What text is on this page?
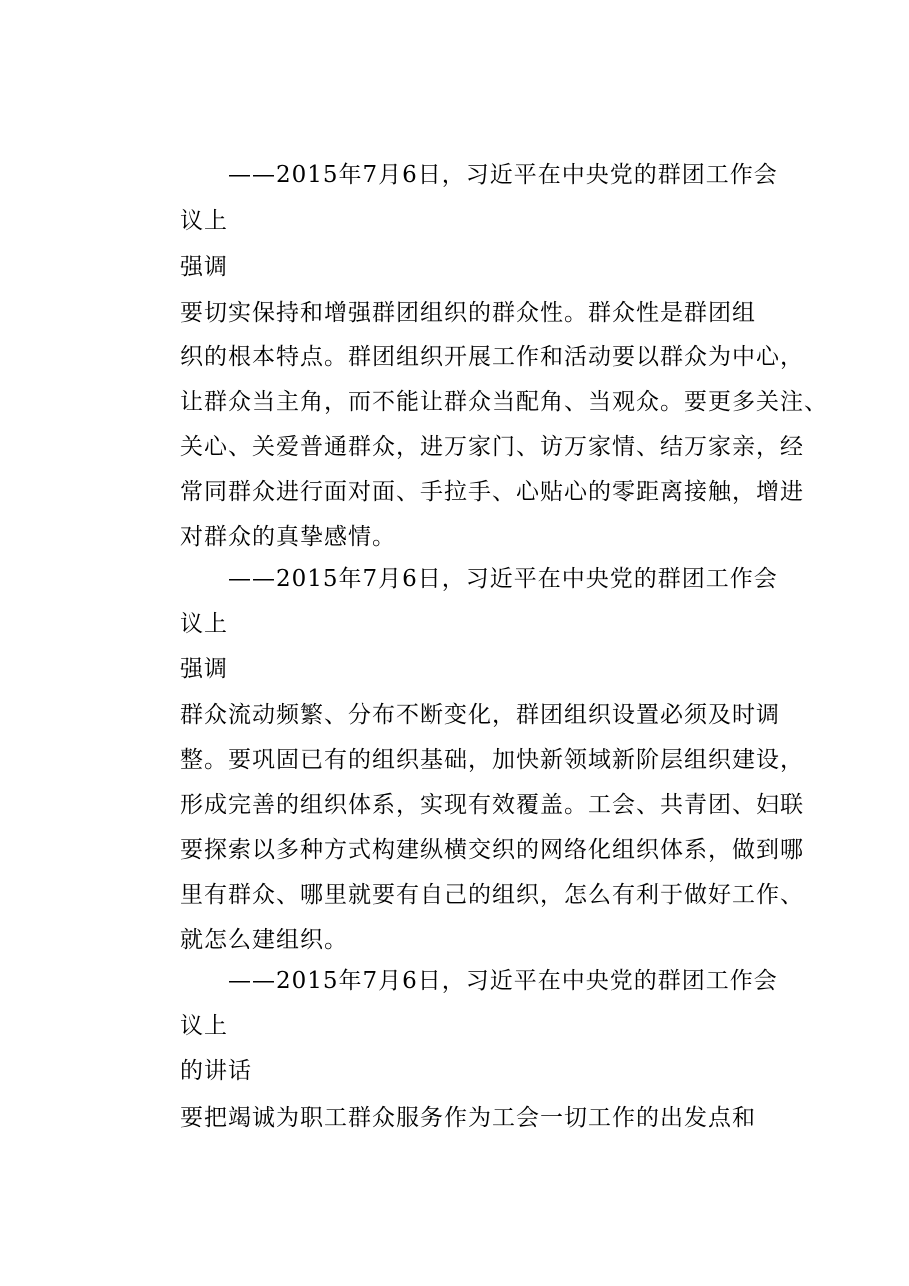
——2015年7月6日，习近平在中央党的群团工作会
议上
强调
要切实保持和增强群团组织的群众性。群众性是群团组
织的根本特点。群团组织开展工作和活动要以群众为中心，
让群众当主角，而不能让群众当配角、当观众。要更多关注、
关心、关爱普通群众，进万家门、访万家情、结万家亲，经
常同群众进行面对面、手拉手、心贴心的零距离接触，增进
对群众的真挚感情。
——2015年7月6日，习近平在中央党的群团工作会
议上
强调
群众流动频繁、分布不断变化，群团组织设置必须及时调
整。要巩固已有的组织基础，加快新领域新阶层组织建设，
形成完善的组织体系，实现有效覆盖。工会、共青团、妇联
要探索以多种方式构建纵横交织的网络化组织体系，做到哪
里有群众、哪里就要有自己的组织，怎么有利于做好工作、
就怎么建组织。
——2015年7月6日，习近平在中央党的群团工作会
议上
的讲话
要把竭诚为职工群众服务作为工会一切工作的出发点和
